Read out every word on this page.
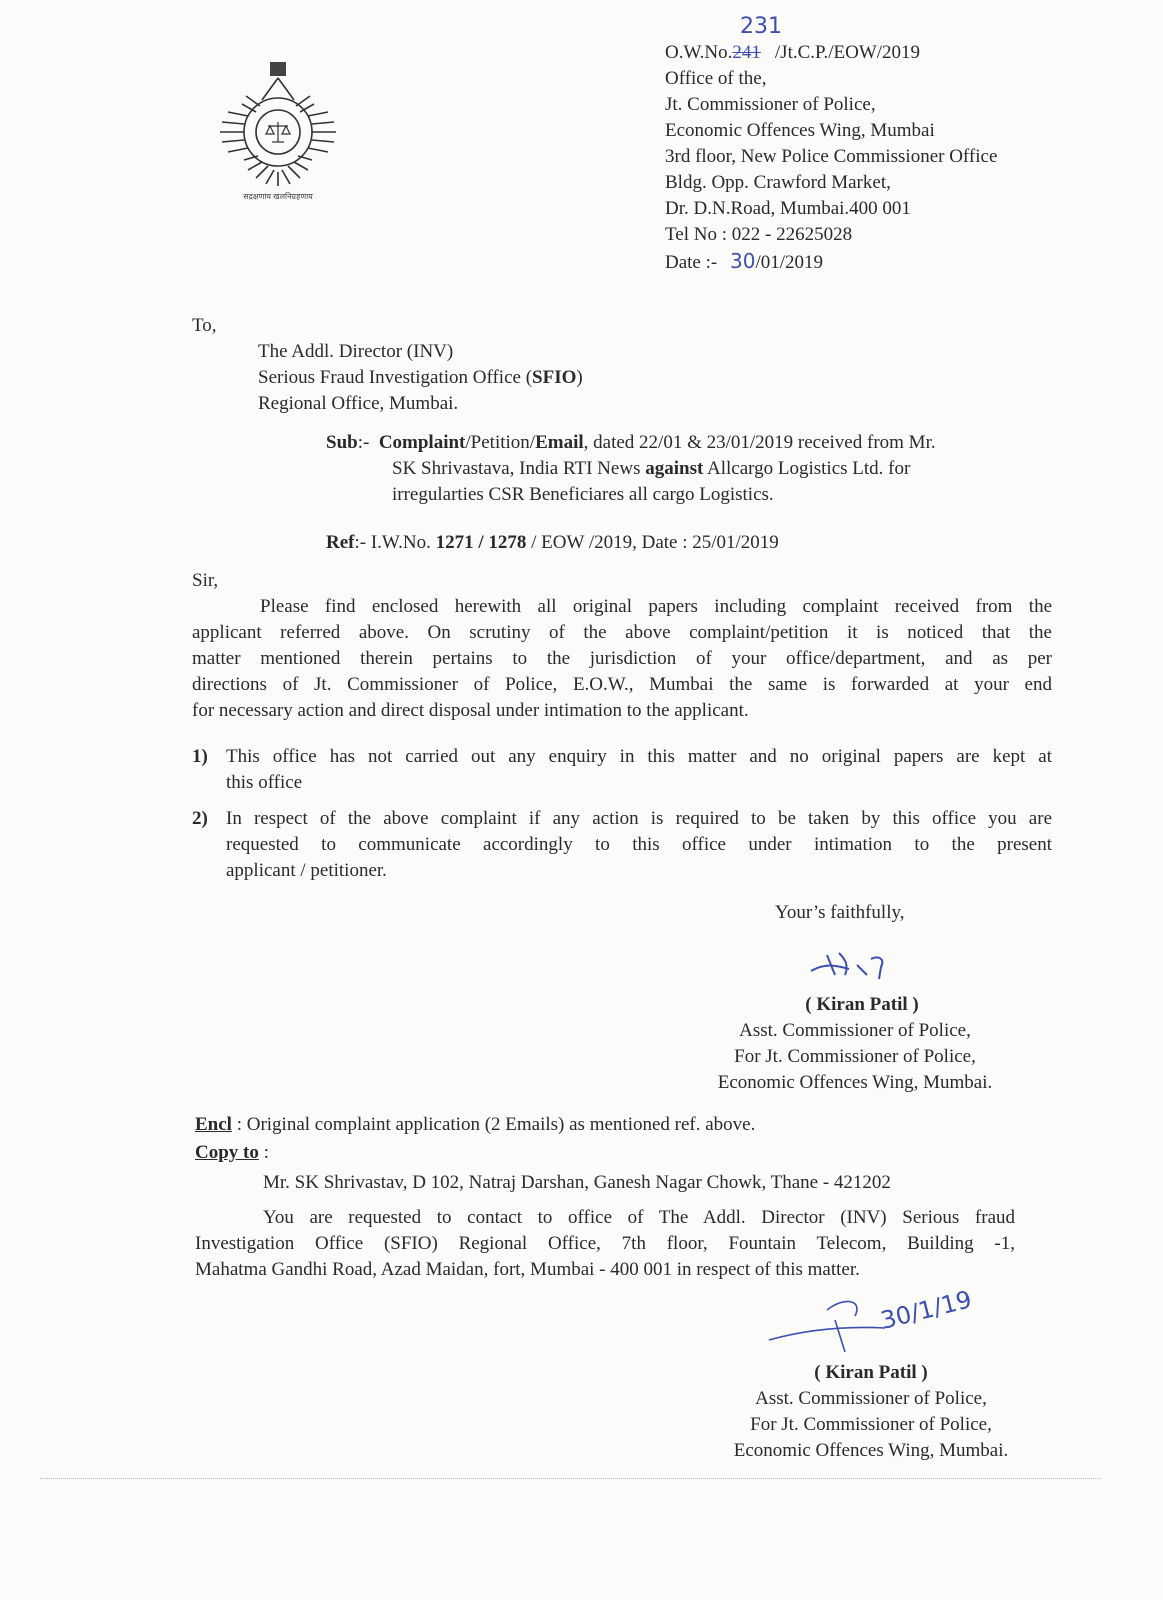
सद्रक्षणाय खलनिग्रहणाय
O.W.No.241 /Jt.C.P./EOW/2019
231
Office of the,
Jt. Commissioner of Police,
Economic Offences Wing, Mumbai
3rd floor, New Police Commissioner Office
Bldg. Opp. Crawford Market,
Dr. D.N.Road, Mumbai.400 001
Tel No : 022 - 22625028
Date :- 30/01/2019
To,
The Addl. Director (INV)
Serious Fraud Investigation Office (SFIO)
Regional Office, Mumbai.
Sub:- Complaint/Petition/Email, dated 22/01 & 23/01/2019 received from Mr.
SK Shrivastava, India RTI News against Allcargo Logistics Ltd. for
irregularties CSR Beneficiares all cargo Logistics.
Ref:- I.W.No. 1271 / 1278 / EOW /2019, Date : 25/01/2019
Sir,
Please find enclosed herewith all original papers including complaint received from the
applicant referred above. On scrutiny of the above complaint/petition it is noticed that the
matter mentioned therein pertains to the jurisdiction of your office/department, and as per
directions of Jt. Commissioner of Police, E.O.W., Mumbai the same is forwarded at your end
for necessary action and direct disposal under intimation to the applicant.
1) This office has not carried out any enquiry in this matter and no original papers are kept at
this office
2) In respect of the above complaint if any action is required to be taken by this office you are
requested to communicate accordingly to this office under intimation to the present
applicant / petitioner.
Your’s faithfully,
( Kiran Patil )
Asst. Commissioner of Police,
For Jt. Commissioner of Police,
Economic Offences Wing, Mumbai.
Encl : Original complaint application (2 Emails) as mentioned ref. above.
Copy to :
Mr. SK Shrivastav, D 102, Natraj Darshan, Ganesh Nagar Chowk, Thane - 421202
You are requested to contact to office of The Addl. Director (INV) Serious fraud
Investigation Office (SFIO) Regional Office, 7th floor, Fountain Telecom, Building -1,
Mahatma Gandhi Road, Azad Maidan, fort, Mumbai - 400 001 in respect of this matter.
30/1/19
( Kiran Patil )
Asst. Commissioner of Police,
For Jt. Commissioner of Police,
Economic Offences Wing, Mumbai.
